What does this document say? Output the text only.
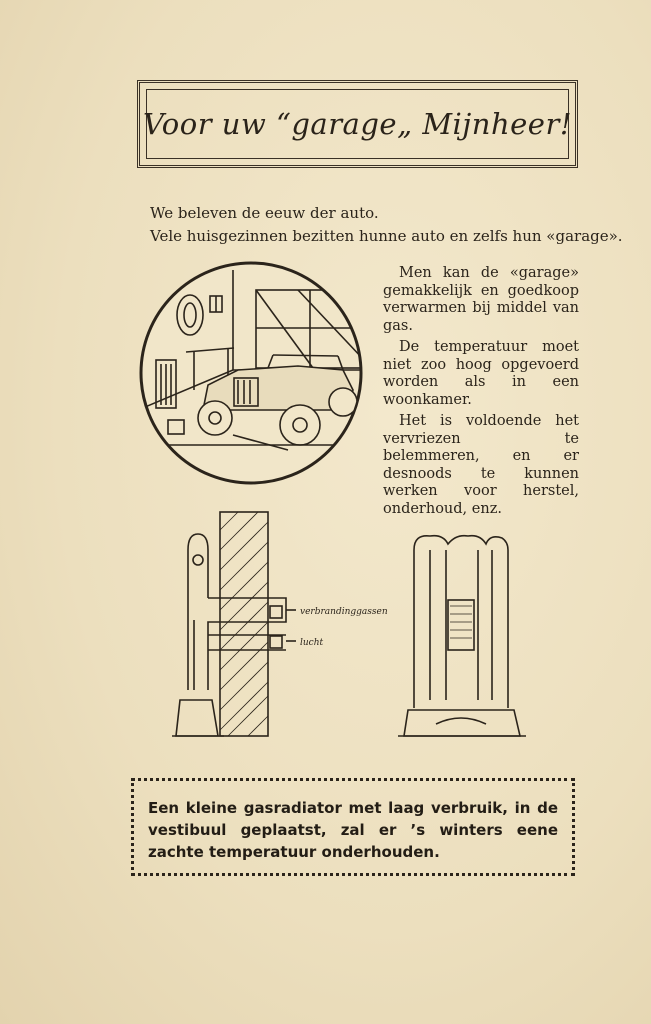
Voor uw “garage„ Mijnheer!
We beleven de eeuw der auto.
Vele huisgezinnen bezitten hunne auto en zelfs hun «garage».

Men kan de «garage» gemakkelijk en goedkoop verwarmen bij middel van gas.

De temperatuur moet niet zoo hoog opgevoerd worden als in een woonkamer.

Het is voldoende het vervriezen te belemmeren, en er desnoods te kunnen werken voor herstel, onderhoud, enz.

verbrandinggassen
lucht
Een kleine gasradiator met laag verbruik, in de vestibuul geplaatst, zal er ’s winters eene zachte temperatuur onderhouden.
